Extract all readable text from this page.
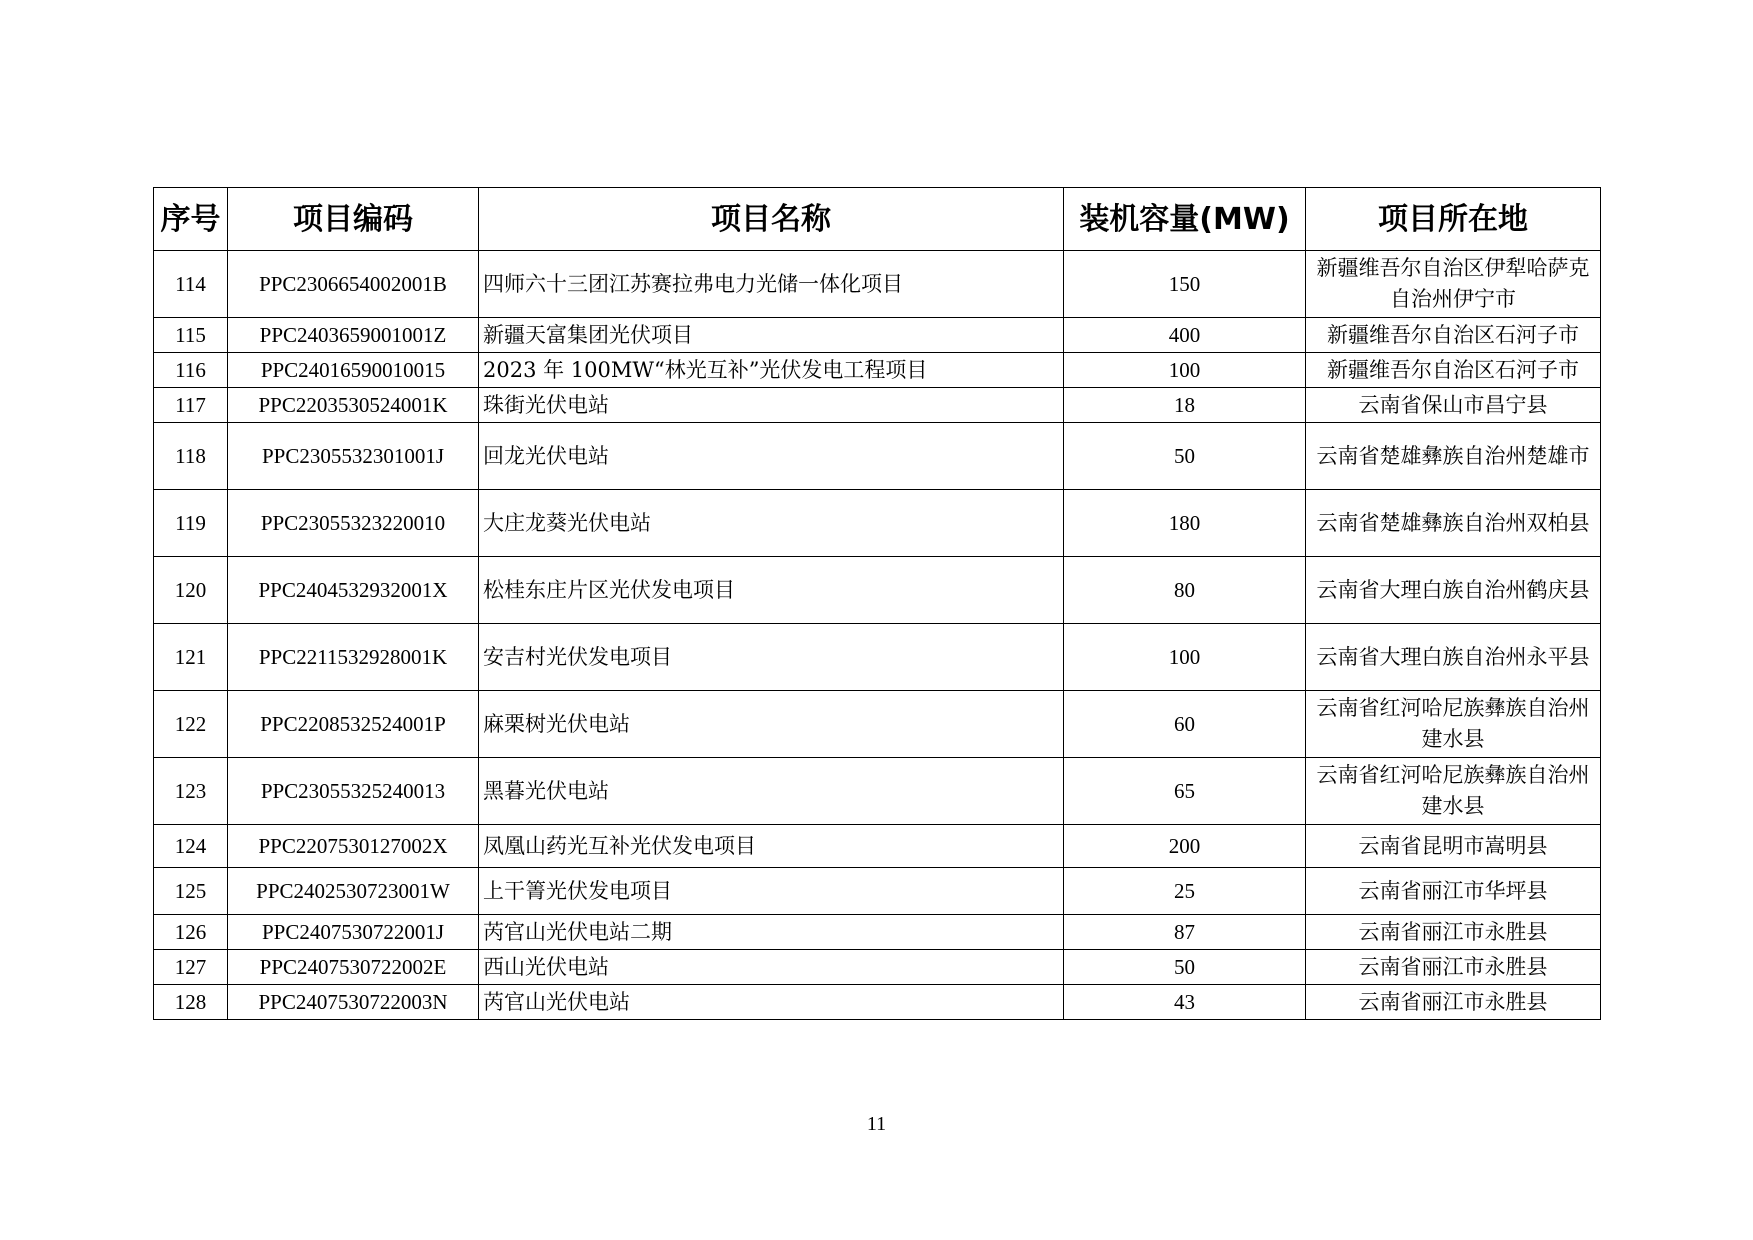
序号	项目编码	项目名称	装机容量(MW)	项目所在地
114	PPC2306654002001B	四师六十三团江苏赛拉弗电力光储一体化项目	150	新疆维吾尔自治区伊犁哈萨克自治州伊宁市
115	PPC2403659001001Z	新疆天富集团光伏项目	400	新疆维吾尔自治区石河子市
116	PPC24016590010015	2023 年 100MW“林光互补”光伏发电工程项目	100	新疆维吾尔自治区石河子市
117	PPC2203530524001K	珠街光伏电站	18	云南省保山市昌宁县
118	PPC2305532301001J	回龙光伏电站	50	云南省楚雄彝族自治州楚雄市
119	PPC23055323220010	大庄龙葵光伏电站	180	云南省楚雄彝族自治州双柏县
120	PPC2404532932001X	松桂东庄片区光伏发电项目	80	云南省大理白族自治州鹤庆县
121	PPC2211532928001K	安吉村光伏发电项目	100	云南省大理白族自治州永平县
122	PPC2208532524001P	麻栗树光伏电站	60	云南省红河哈尼族彝族自治州建水县
123	PPC23055325240013	黑暮光伏电站	65	云南省红河哈尼族彝族自治州建水县
124	PPC2207530127002X	凤凰山药光互补光伏发电项目	200	云南省昆明市嵩明县
125	PPC2402530723001W	上干箐光伏发电项目	25	云南省丽江市华坪县
126	PPC2407530722001J	芮官山光伏电站二期	87	云南省丽江市永胜县
127	PPC2407530722002E	西山光伏电站	50	云南省丽江市永胜县
128	PPC2407530722003N	芮官山光伏电站	43	云南省丽江市永胜县
11
